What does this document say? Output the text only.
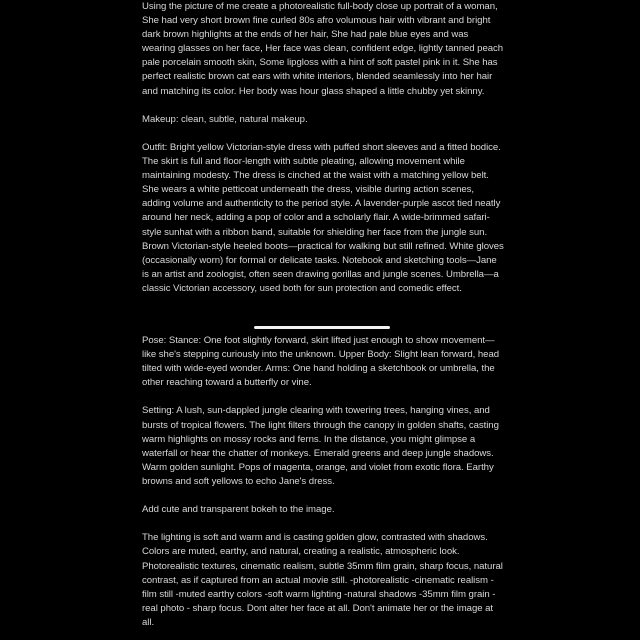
Using the picture of me create a photorealistic full-body close up portrait of a woman, She had very short brown fine curled 80s afro volumous hair with vibrant and bright dark brown highlights at the ends of her hair, She had pale blue eyes and was wearing glasses on her face, Her face was clean, confident edge, lightly tanned peach pale porcelain smooth skin, Some lipgloss with a hint of soft pastel pink in it. She has perfect realistic brown cat ears with white interiors, blended seamlessly into her hair and matching its color. Her body was hour glass shaped a little chubby yet skinny.

Makeup: clean, subtle, natural makeup.

Outfit: Bright yellow Victorian-style dress with puffed short sleeves and a fitted bodice. The skirt is full and floor-length with subtle pleating, allowing movement while maintaining modesty. The dress is cinched at the waist with a matching yellow belt. She wears a white petticoat underneath the dress, visible during action scenes, adding volume and authenticity to the period style. A lavender-purple ascot tied neatly around her neck, adding a pop of color and a scholarly flair. A wide-brimmed safari-style sunhat with a ribbon band, suitable for shielding her face from the jungle sun. Brown Victorian-style heeled boots—practical for walking but still refined. White gloves (occasionally worn) for formal or delicate tasks. Notebook and sketching tools—Jane is an artist and zoologist, often seen drawing gorillas and jungle scenes. Umbrella—a classic Victorian accessory, used both for sun protection and comedic effect.

Pose: Stance: One foot slightly forward, skirt lifted just enough to show movement—like she's stepping curiously into the unknown. Upper Body: Slight lean forward, head tilted with wide-eyed wonder. Arms: One hand holding a sketchbook or umbrella, the other reaching toward a butterfly or vine.

Setting: A lush, sun-dappled jungle clearing with towering trees, hanging vines, and bursts of tropical flowers. The light filters through the canopy in golden shafts, casting warm highlights on mossy rocks and ferns. In the distance, you might glimpse a waterfall or hear the chatter of monkeys. Emerald greens and deep jungle shadows. Warm golden sunlight. Pops of magenta, orange, and violet from exotic flora. Earthy browns and soft yellows to echo Jane's dress.

Add cute and transparent bokeh to the image.

The lighting is soft and warm and is casting golden glow, contrasted with shadows. Colors are muted, earthy, and natural, creating a realistic, atmospheric look. Photorealistic textures, cinematic realism, subtle 35mm film grain, sharp focus, natural contrast, as if captured from an actual movie still. -photorealistic -cinematic realism -film still -muted earthy colors -soft warm lighting -natural shadows -35mm film grain -real photo - sharp focus. Dont alter her face at all. Don't animate her or the image at all.
